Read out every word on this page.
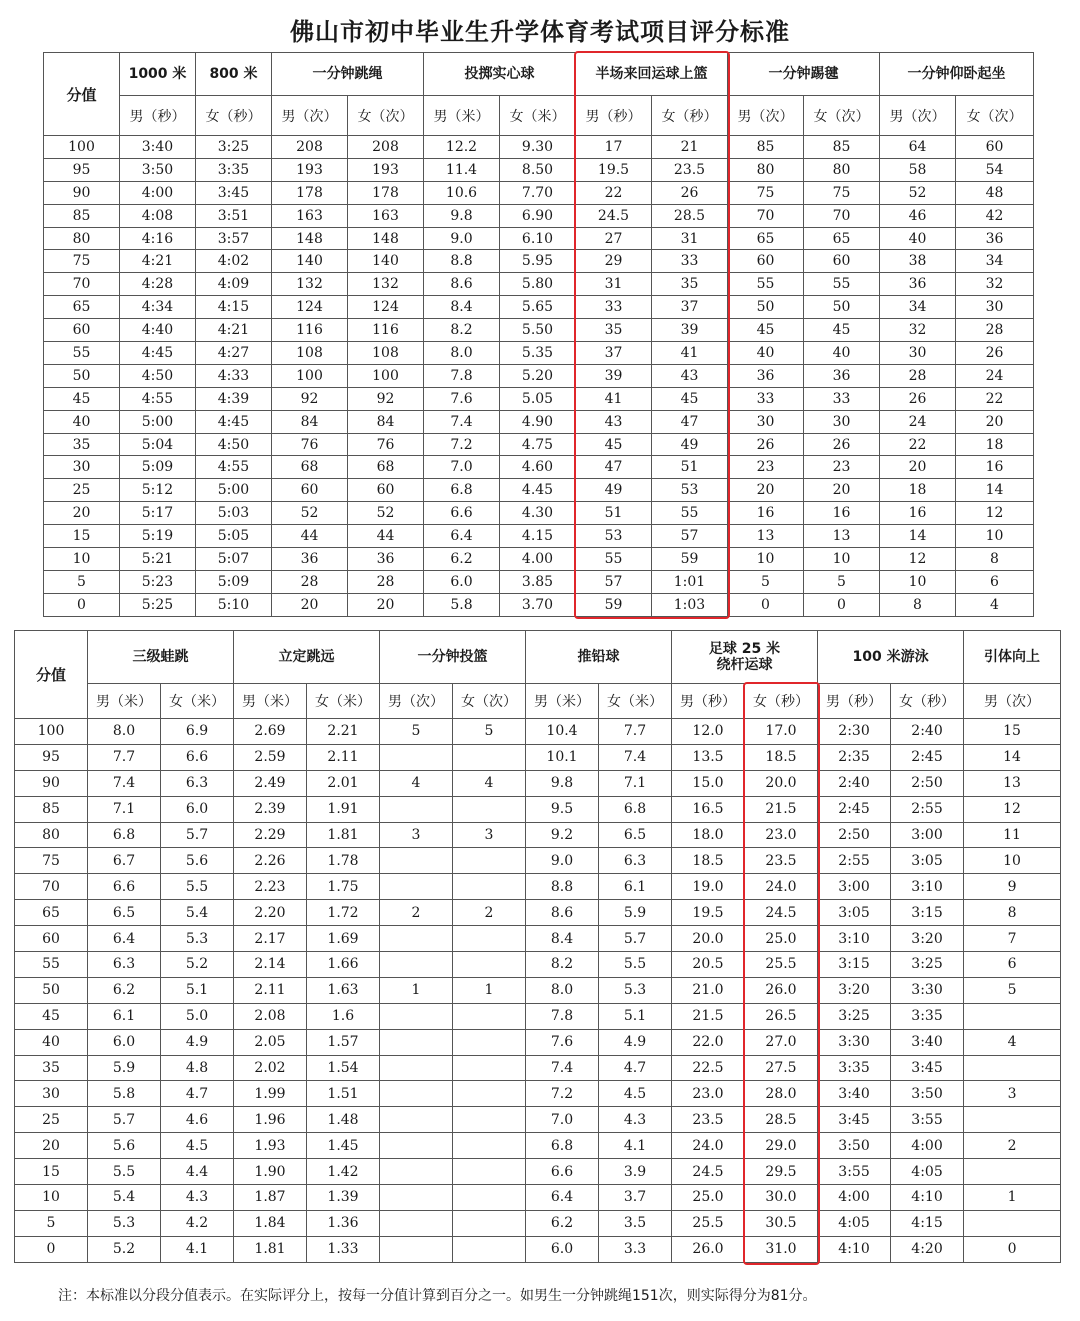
佛山市初中毕业生升学体育考试项目评分标准
分值	1000 米	800 米	一分钟跳绳		投掷实心球		半场来回运球上篮		一分钟踢毽		一分钟仰卧起坐	
	男（秒）	女（秒）	男（次）	女（次）	男（米）	女（米）	男（秒）	女（秒）	男（次）	女（次）	男（次）	女（次）
100	3:40	3:25	208	208	12.2	9.30	17	21	85	85	64	60
95	3:50	3:35	193	193	11.4	8.50	19.5	23.5	80	80	58	54
90	4:00	3:45	178	178	10.6	7.70	22	26	75	75	52	48
85	4:08	3:51	163	163	9.8	6.90	24.5	28.5	70	70	46	42
80	4:16	3:57	148	148	9.0	6.10	27	31	65	65	40	36
75	4:21	4:02	140	140	8.8	5.95	29	33	60	60	38	34
70	4:28	4:09	132	132	8.6	5.80	31	35	55	55	36	32
65	4:34	4:15	124	124	8.4	5.65	33	37	50	50	34	30
60	4:40	4:21	116	116	8.2	5.50	35	39	45	45	32	28
55	4:45	4:27	108	108	8.0	5.35	37	41	40	40	30	26
50	4:50	4:33	100	100	7.8	5.20	39	43	36	36	28	24
45	4:55	4:39	92	92	7.6	5.05	41	45	33	33	26	22
40	5:00	4:45	84	84	7.4	4.90	43	47	30	30	24	20
35	5:04	4:50	76	76	7.2	4.75	45	49	26	26	22	18
30	5:09	4:55	68	68	7.0	4.60	47	51	23	23	20	16
25	5:12	5:00	60	60	6.8	4.45	49	53	20	20	18	14
20	5:17	5:03	52	52	6.6	4.30	51	55	16	16	16	12
15	5:19	5:05	44	44	6.4	4.15	53	57	13	13	14	10
10	5:21	5:07	36	36	6.2	4.00	55	59	10	10	12	8
5	5:23	5:09	28	28	6.0	3.85	57	1:01	5	5	10	6
0	5:25	5:10	20	20	5.8	3.70	59	1:03	0	0	8	4
分值	三级蛙跳		立定跳远		一分钟投篮		推铅球		足球 25 米
绕杆运球		100 米游泳		引体向上
	男（米）	女（米）	男（米）	女（米）	男（次）	女（次）	男（米）	女（米）	男（秒）	女（秒）	男（秒）	女（秒）	男（次）
100	8.0	6.9	2.69	2.21	5	5	10.4	7.7	12.0	17.0	2:30	2:40	15
95	7.7	6.6	2.59	2.11			10.1	7.4	13.5	18.5	2:35	2:45	14
90	7.4	6.3	2.49	2.01	4	4	9.8	7.1	15.0	20.0	2:40	2:50	13
85	7.1	6.0	2.39	1.91			9.5	6.8	16.5	21.5	2:45	2:55	12
80	6.8	5.7	2.29	1.81	3	3	9.2	6.5	18.0	23.0	2:50	3:00	11
75	6.7	5.6	2.26	1.78			9.0	6.3	18.5	23.5	2:55	3:05	10
70	6.6	5.5	2.23	1.75			8.8	6.1	19.0	24.0	3:00	3:10	9
65	6.5	5.4	2.20	1.72	2	2	8.6	5.9	19.5	24.5	3:05	3:15	8
60	6.4	5.3	2.17	1.69			8.4	5.7	20.0	25.0	3:10	3:20	7
55	6.3	5.2	2.14	1.66			8.2	5.5	20.5	25.5	3:15	3:25	6
50	6.2	5.1	2.11	1.63	1	1	8.0	5.3	21.0	26.0	3:20	3:30	5
45	6.1	5.0	2.08	1.6			7.8	5.1	21.5	26.5	3:25	3:35	
40	6.0	4.9	2.05	1.57			7.6	4.9	22.0	27.0	3:30	3:40	4
35	5.9	4.8	2.02	1.54			7.4	4.7	22.5	27.5	3:35	3:45	
30	5.8	4.7	1.99	1.51			7.2	4.5	23.0	28.0	3:40	3:50	3
25	5.7	4.6	1.96	1.48			7.0	4.3	23.5	28.5	3:45	3:55	
20	5.6	4.5	1.93	1.45			6.8	4.1	24.0	29.0	3:50	4:00	2
15	5.5	4.4	1.90	1.42			6.6	3.9	24.5	29.5	3:55	4:05	
10	5.4	4.3	1.87	1.39			6.4	3.7	25.0	30.0	4:00	4:10	1
5	5.3	4.2	1.84	1.36			6.2	3.5	25.5	30.5	4:05	4:15	
0	5.2	4.1	1.81	1.33			6.0	3.3	26.0	31.0	4:10	4:20	0
注：本标准以分段分值表示。在实际评分上，按每一分值计算到百分之一。如男生一分钟跳绳151次，则实际得分为81分。
